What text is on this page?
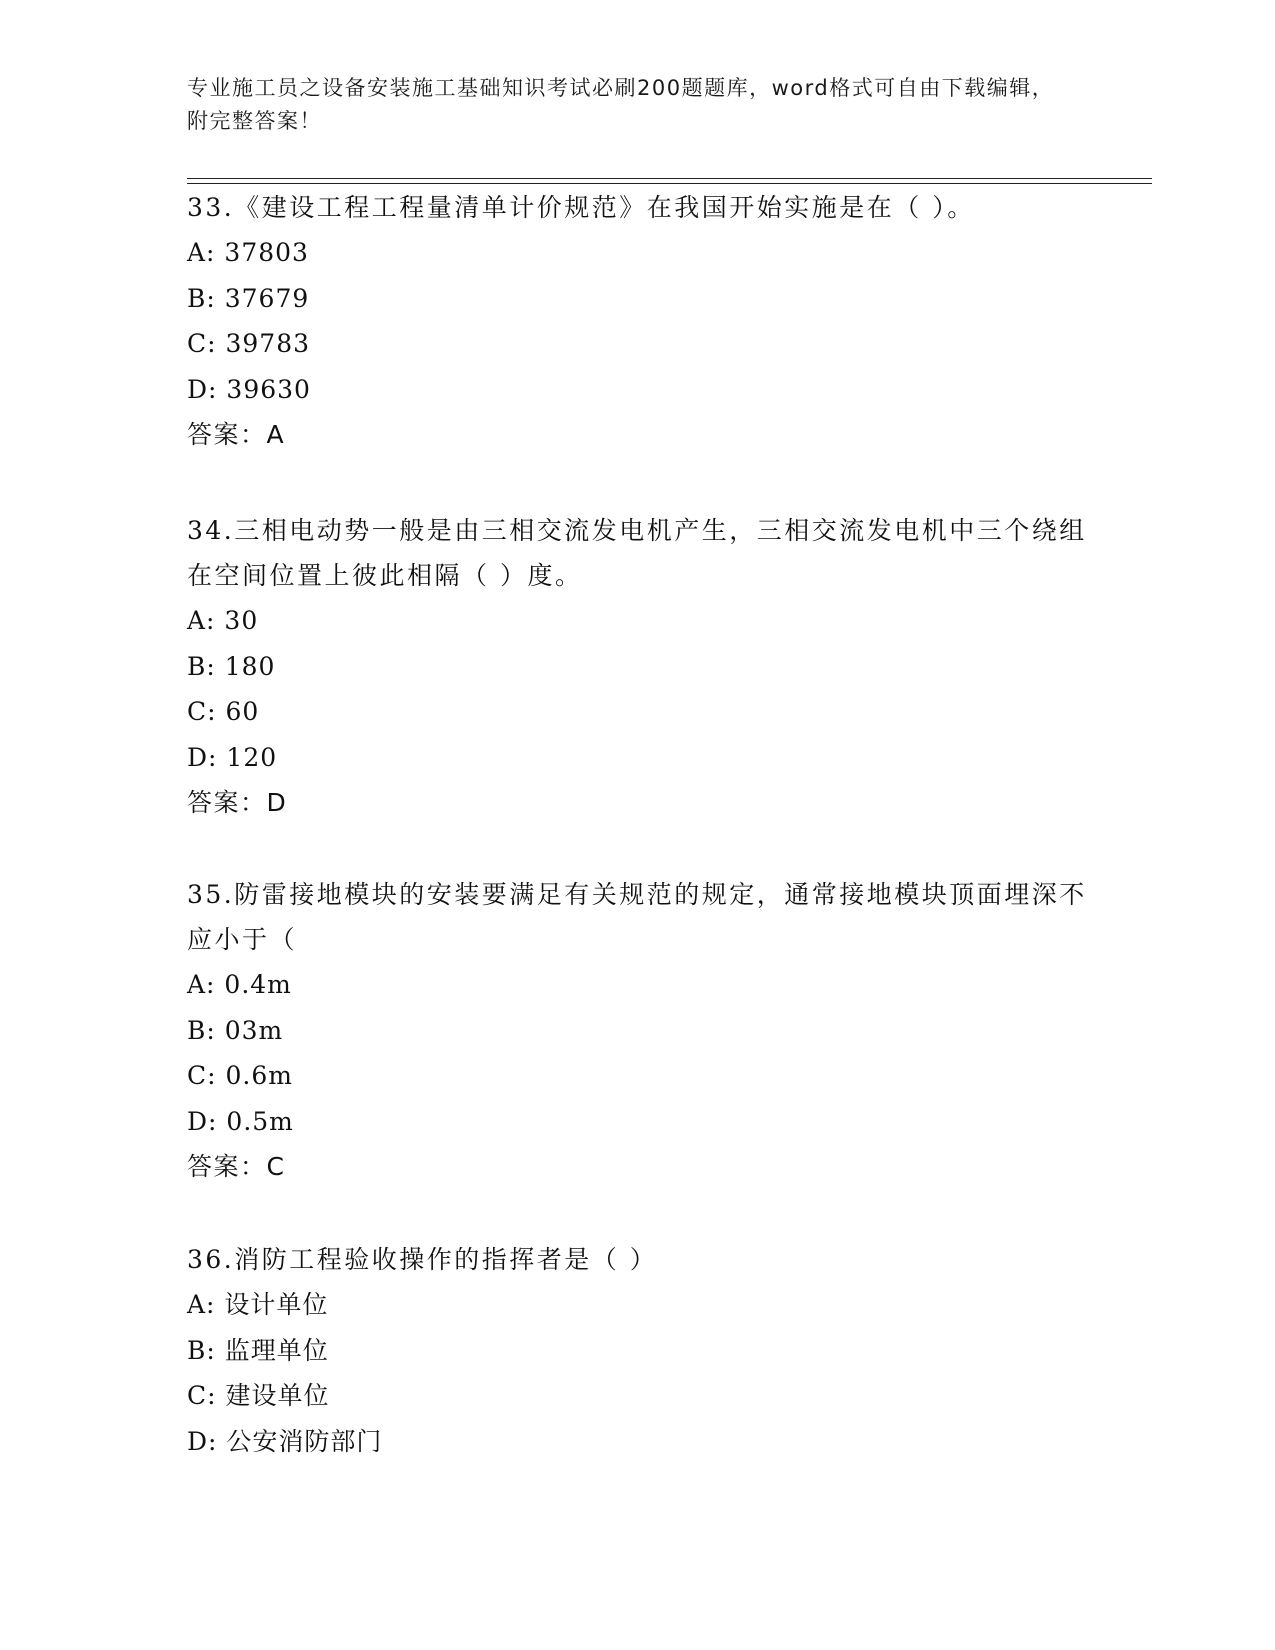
专业施工员之设备安装施工基础知识考试必刷200题题库，word格式可自由下载编辑，附完整答案！

33.《建设工程工程量清单计价规范》在我国开始实施是在（ ）。

A: 37803

B: 37679

C: 39783

D: 39630

答案：A

34.三相电动势一般是由三相交流发电机产生，三相交流发电机中三个绕组在空间位置上彼此相隔（ ）度。

A: 30

B: 180

C: 60

D: 120

答案：D

35.防雷接地模块的安装要满足有关规范的规定，通常接地模块顶面埋深不应小于（

A: 0.4m

B: 03m

C: 0.6m

D: 0.5m

答案：C

36.消防工程验收操作的指挥者是（ ）

A: 设计单位

B: 监理单位

C: 建设单位

D: 公安消防部门
